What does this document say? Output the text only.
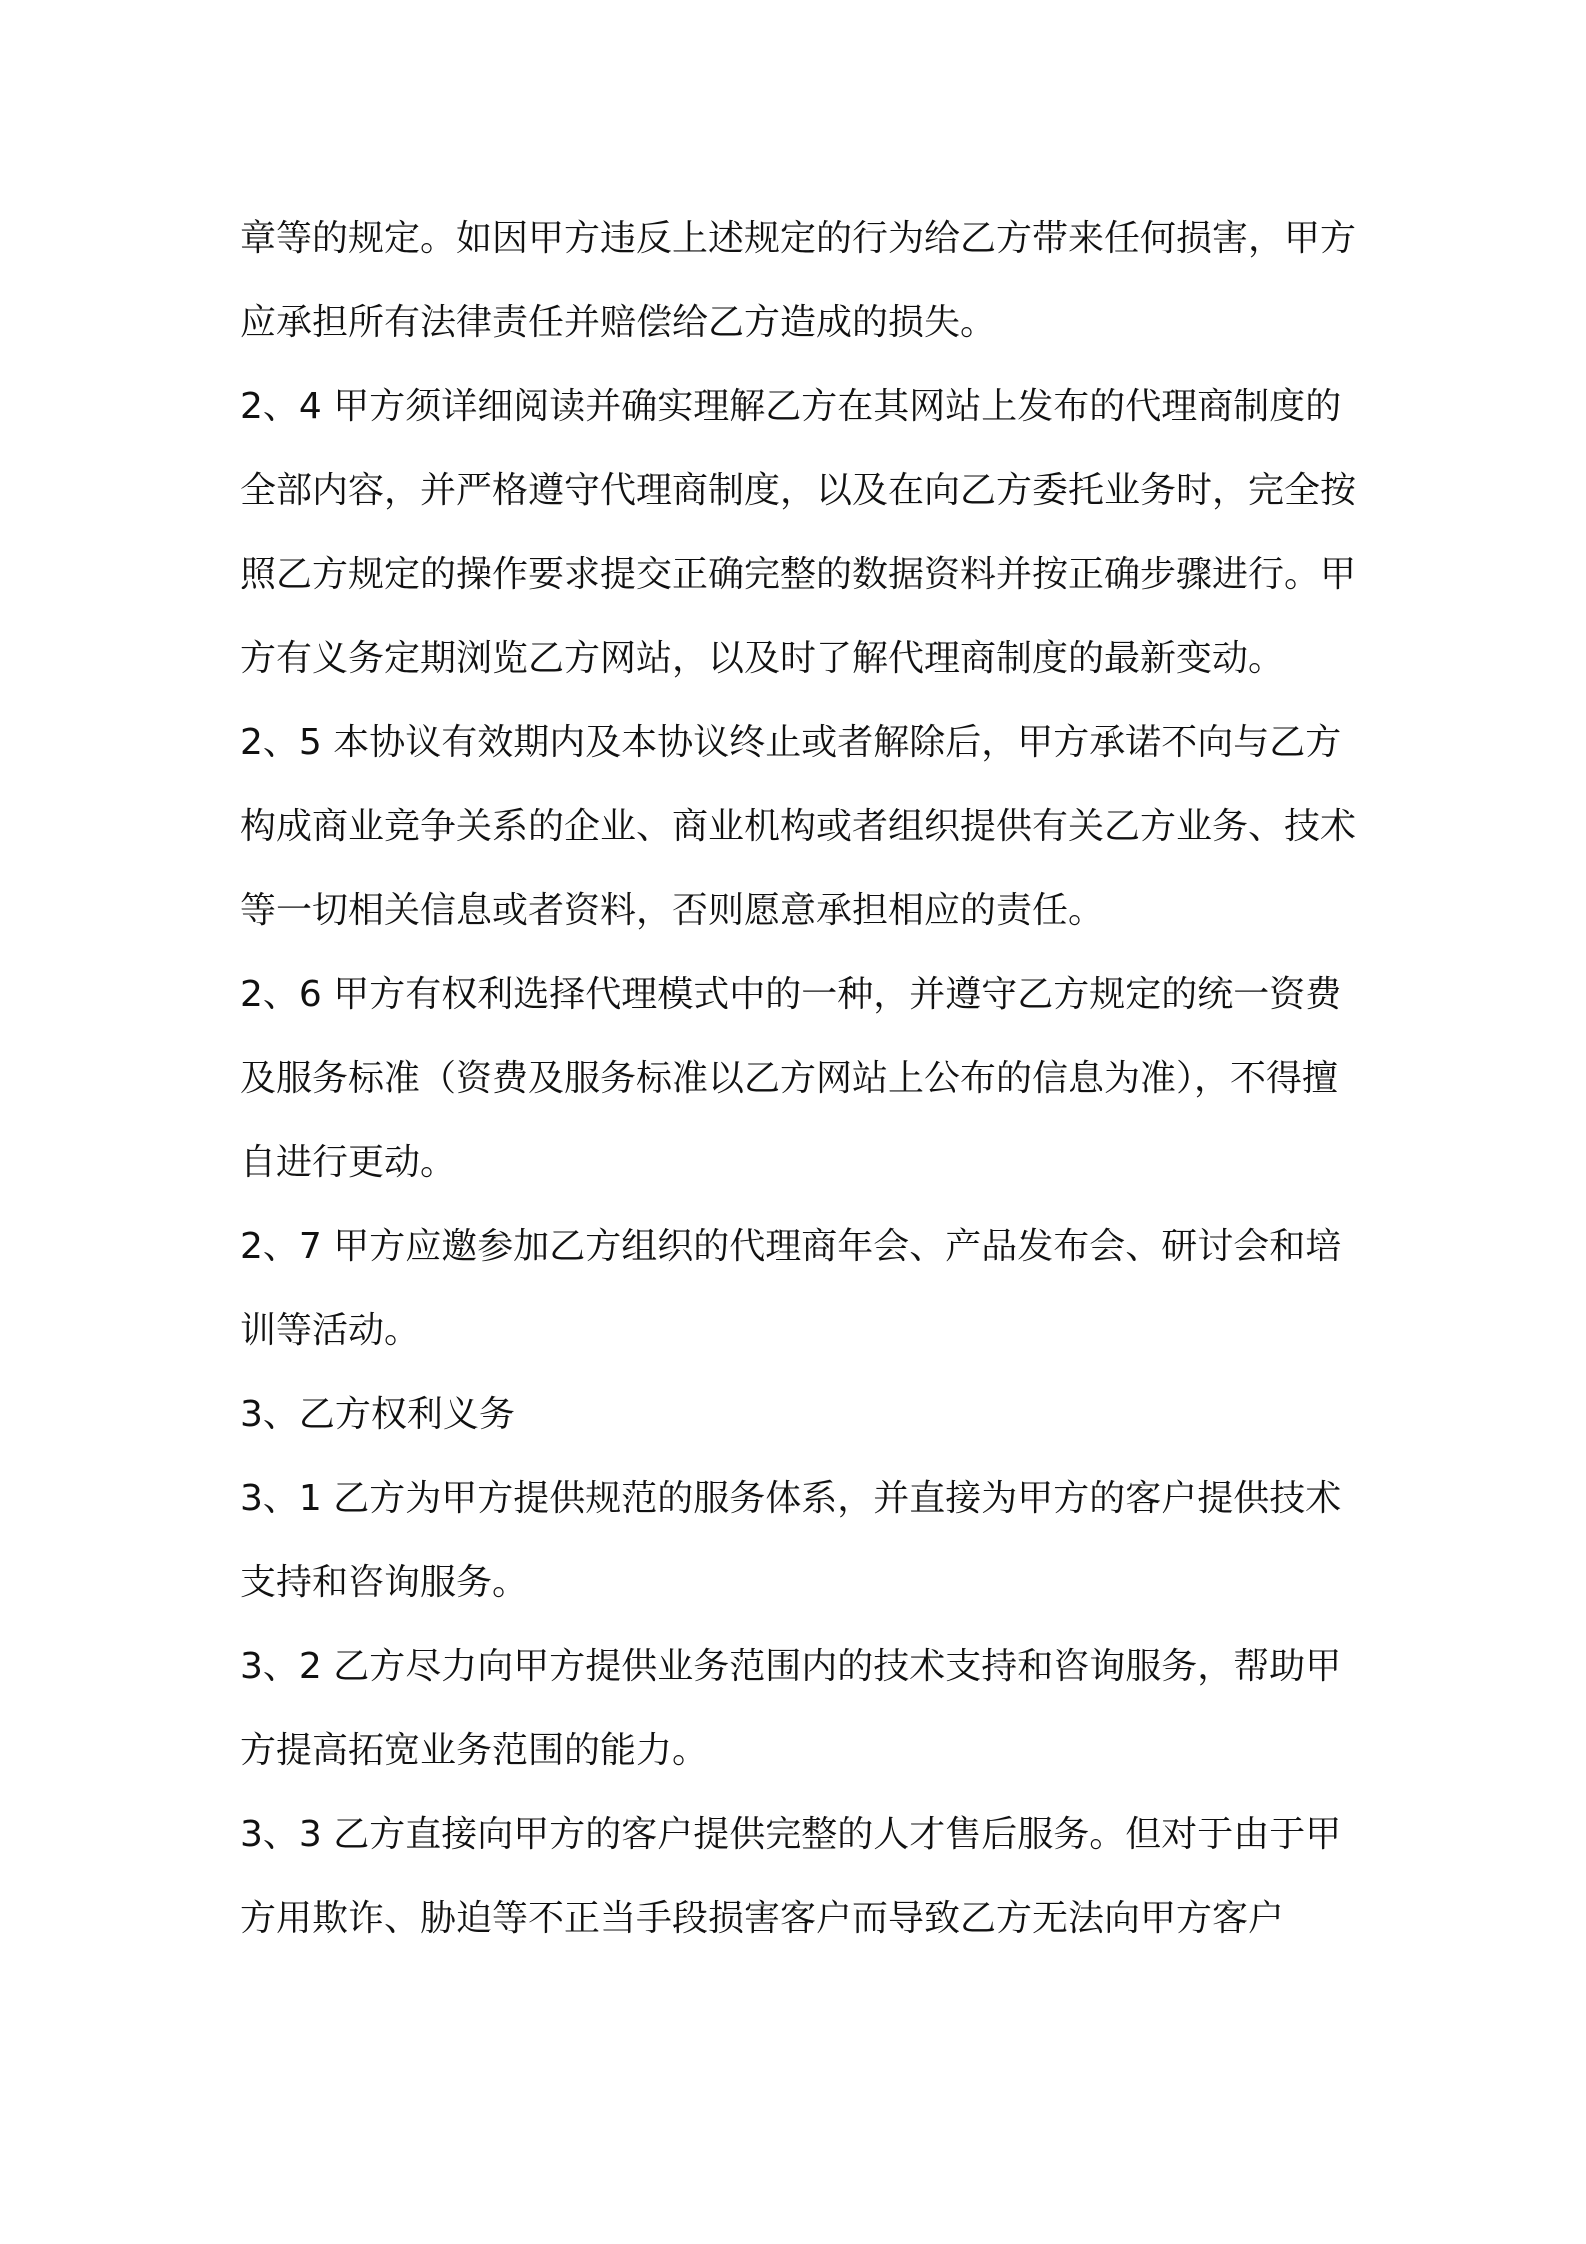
章等的规定。如因甲方违反上述规定的行为给乙方带来任何损害，甲方应承担所有法律责任并赔偿给乙方造成的损失。

2、4 甲方须详细阅读并确实理解乙方在其网站上发布的代理商制度的全部内容，并严格遵守代理商制度，以及在向乙方委托业务时，完全按照乙方规定的操作要求提交正确完整的数据资料并按正确步骤进行。甲方有义务定期浏览乙方网站，以及时了解代理商制度的最新变动。

2、5 本协议有效期内及本协议终止或者解除后，甲方承诺不向与乙方构成商业竞争关系的企业、商业机构或者组织提供有关乙方业务、技术等一切相关信息或者资料，否则愿意承担相应的责任。

2、6 甲方有权利选择代理模式中的一种，并遵守乙方规定的统一资费及服务标准（资费及服务标准以乙方网站上公布的信息为准），不得擅自进行更动。

2、7 甲方应邀参加乙方组织的代理商年会、产品发布会、研讨会和培训等活动。

3、乙方权利义务

3、1 乙方为甲方提供规范的服务体系，并直接为甲方的客户提供技术支持和咨询服务。

3、2 乙方尽力向甲方提供业务范围内的技术支持和咨询服务，帮助甲方提高拓宽业务范围的能力。

3、3 乙方直接向甲方的客户提供完整的人才售后服务。但对于由于甲方用欺诈、胁迫等不正当手段损害客户而导致乙方无法向甲方客户
